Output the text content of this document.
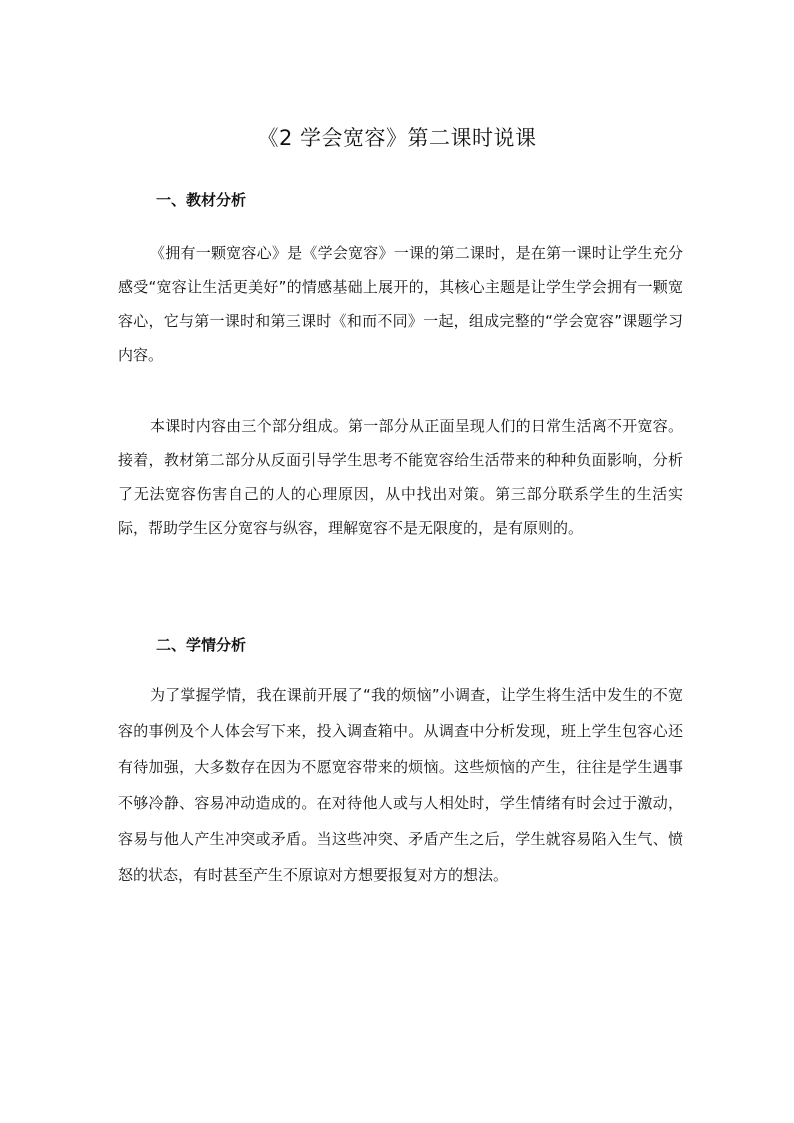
《2 学会宽容》第二课时说课
一、教材分析

《拥有一颗宽容心》是《学会宽容》一课的第二课时，是在第一课时让学生充分感受“宽容让生活更美好”的情感基础上展开的，其核心主题是让学生学会拥有一颗宽容心，它与第一课时和第三课时《和而不同》一起，组成完整的“学会宽容”课题学习内容。

本课时内容由三个部分组成。第一部分从正面呈现人们的日常生活离不开宽容。接着，教材第二部分从反面引导学生思考不能宽容给生活带来的种种负面影响，分析了无法宽容伤害自己的人的心理原因，从中找出对策。第三部分联系学生的生活实际，帮助学生区分宽容与纵容，理解宽容不是无限度的，是有原则的。

二、学情分析

为了掌握学情，我在课前开展了“我的烦恼”小调查，让学生将生活中发生的不宽容的事例及个人体会写下来，投入调查箱中。从调查中分析发现，班上学生包容心还有待加强，大多数存在因为不愿宽容带来的烦恼。这些烦恼的产生，往往是学生遇事不够冷静、容易冲动造成的。在对待他人或与人相处时，学生情绪有时会过于激动，容易与他人产生冲突或矛盾。当这些冲突、矛盾产生之后，学生就容易陷入生气、愤怒的状态，有时甚至产生不原谅对方想要报复对方的想法。
